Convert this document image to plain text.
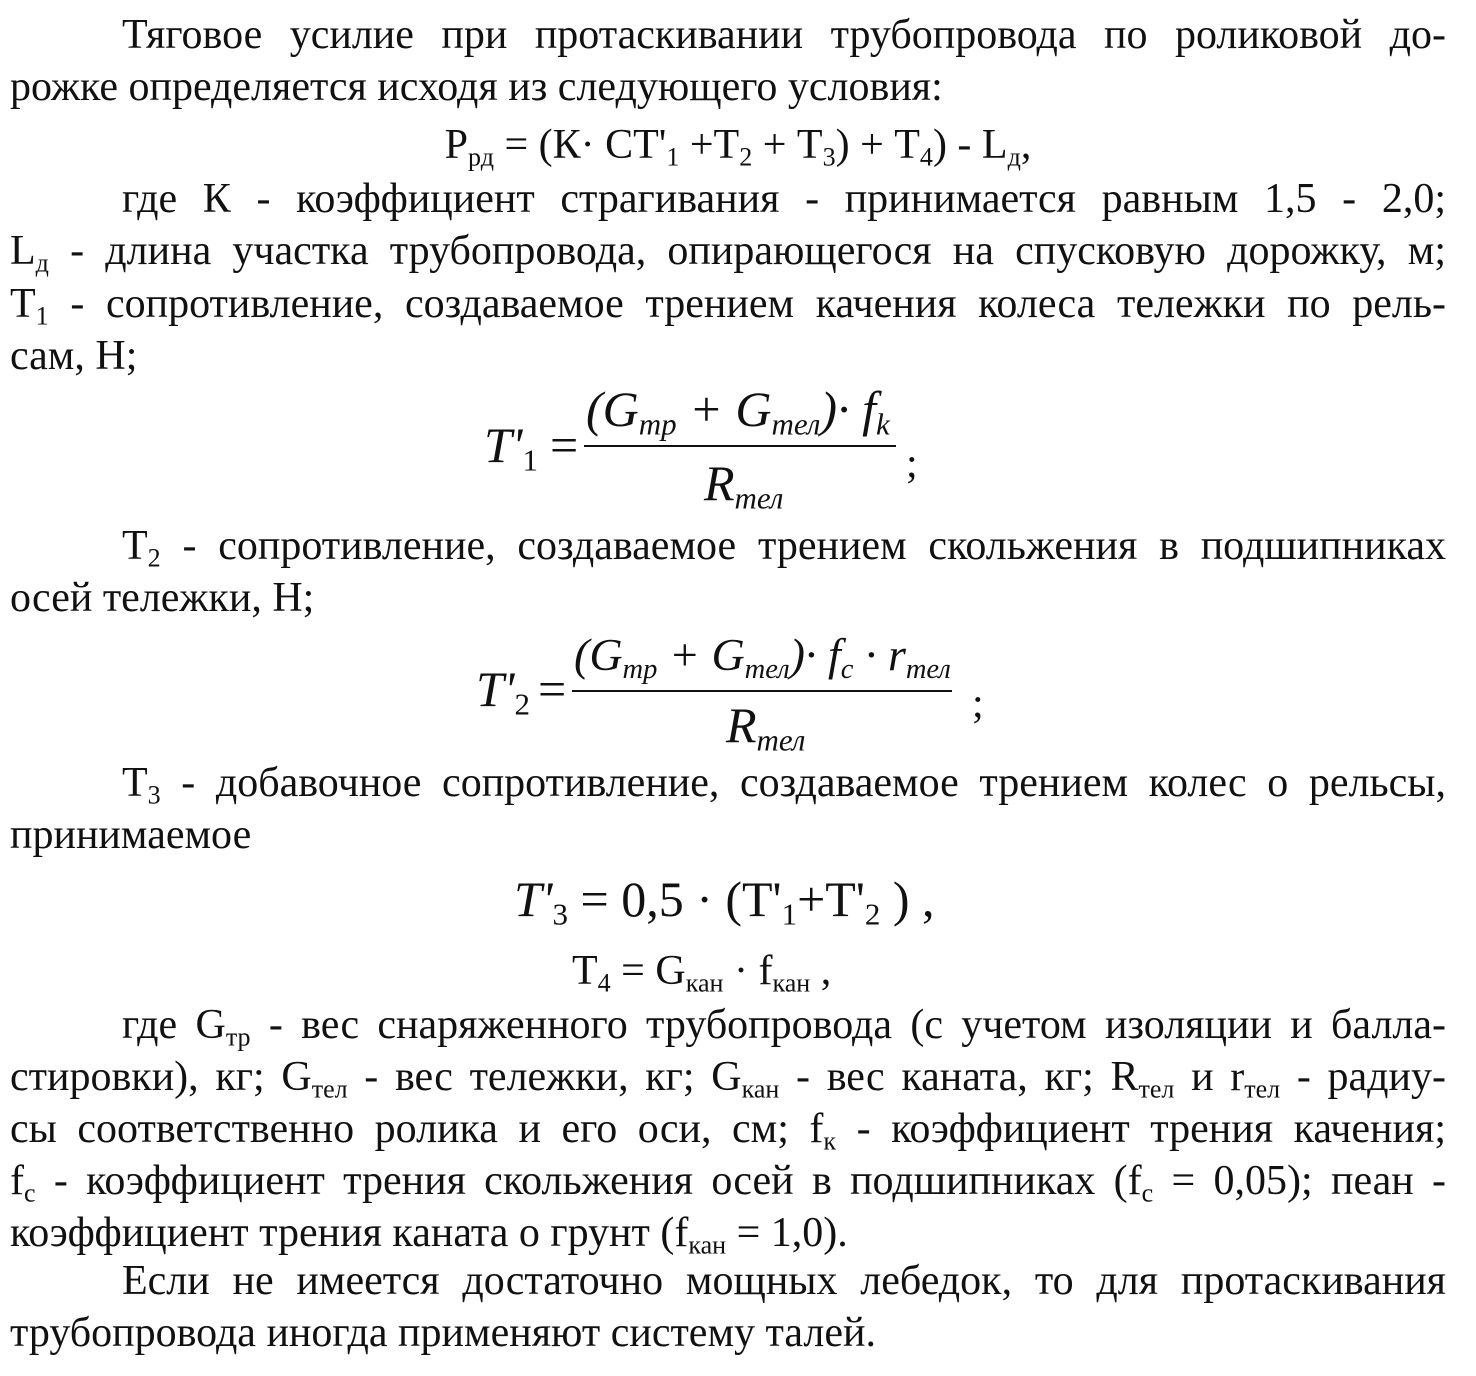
Тяговое усилие при протаскивании трубопровода по роликовой до-
рожке определяется исходя из следующего условия:
$P_{рд} = (К\cdot СТ'_1 +Т_2 + Т_3) + Т_4) - L_д$,
где К - коэффициент страгивания - принимается равным 1,5 - 2,0;
$L_д$ - длина участка трубопровода, опирающегося на спусковую дорожку, м;
$T_1$ - сопротивление, создаваемое трением качения колеса тележки по рель-
сам, Н;
$T'_1$ =
$(G_{тр} + G_{тел})\cdot f_k$
$R_{тел}$
;
$T_2$ - сопротивление, создаваемое трением скольжения в подшипниках
осей тележки, Н;
$T'_2$ =
$(G_{тр} + G_{тел})\cdot f_c \cdot r_{тел}$
$R_{тел}$
;
$T_3$ - добавочное сопротивление, создаваемое трением колес о рельсы,
принимаемое
$T'_3 = 0,5 \cdot (T'_1+T'_2$ ) ,
$T_4 = G_{кан} \cdot f_{кан}$ ,
где $G_{тр}$ - вес снаряженного трубопровода (с учетом изоляции и балла-
стировки), кг; $G_{тел}$ - вес тележки, кг; $G_{кан}$ - вес каната, кг; $R_{тел}$ и $r_{тел}$ - радиу-
сы соответственно ролика и его оси, см; $f_к$ - коэффициент трения качения;
$f_c$ - коэффициент трения скольжения осей в подшипниках $(f_c = 0,05)$; пеан -
коэффициент трения каната о грунт $(f_{кан} = 1,0)$.
Если не имеется достаточно мощных лебедок, то для протаскивания
трубопровода иногда применяют систему талей.
